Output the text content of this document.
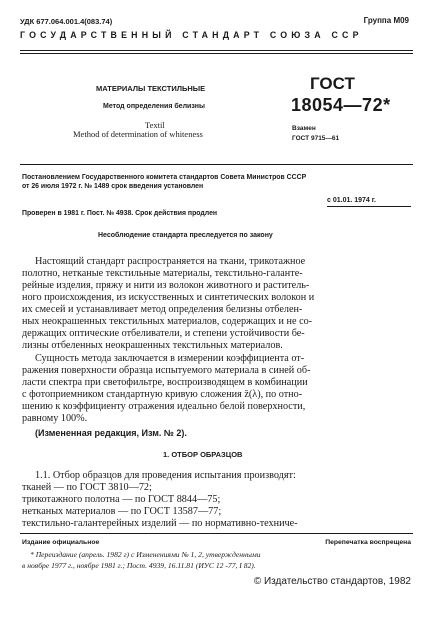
УДК 677.064.001.4(083.74)	Группа М09
ГОСУДАРСТВЕННЫЙ СТАНДАРТ СОЮЗА ССР
МАТЕРИАЛЫ ТЕКСТИЛЬНЫЕ
Метод определения белизны
Textil
Method of determination of whiteness
ГОСТ
18054—72*
Взамен
ГОСТ 9715—61
Постановлением Государственного комитета стандартов Совета Министров СССР
от 26 июля 1972 г. № 1489 срок введения установлен
с 01.01. 1974 г.
Проверен в 1981 г. Пост. № 4938. Срок действия продлен
Несоблюдение стандарта преследуется по закону
Настоящий стандарт распространяется на ткани, трикотажное
полотно, нетканые текстильные материалы, текстильно-галанте-
рейные изделия, пряжу и нити из волокон животного и раститель-
ного происхождения, из искусственных и синтетических волокон и
их смесей и устанавливает метод определения белизны отбелен-
ных неокрашенных текстильных материалов, содержащих и не со-
держащих оптические отбеливатели, и степени устойчивости бе-
лизны отбеленных неокрашенных текстильных материалов.
Сущность метода заключается в измерении коэффициента от-
ражения поверхности образца испытуемого материала в синей об-
ласти спектра при светофильтре, воспроизводящем в комбинации
с фотоприемником стандартную кривую сложения z̄(λ), по отно-
шению к коэффициенту отражения идеально белой поверхности,
равному 100%.
(Измененная редакция, Изм. № 2).
1. ОТБОР ОБРАЗЦОВ
1.1. Отбор образцов для проведения испытания производят:
тканей — по ГОСТ 3810—72;
трикотажного полотна — по ГОСТ 8844—75;
нетканых материалов — по ГОСТ 13587—77;
текстильно-галантерейных изделий — по нормативно-техниче-
Издание официальное	Перепечатка воспрещена
* Переиздание (апрель. 1982 г) с Изменениями № 1, 2, утвержденными
в ноябре 1977 г., ноябре 1981 г.; Пост. 4939, 16.11.81 (ИУС 12 -77, I 82).
© Издательство стандартов, 1982
